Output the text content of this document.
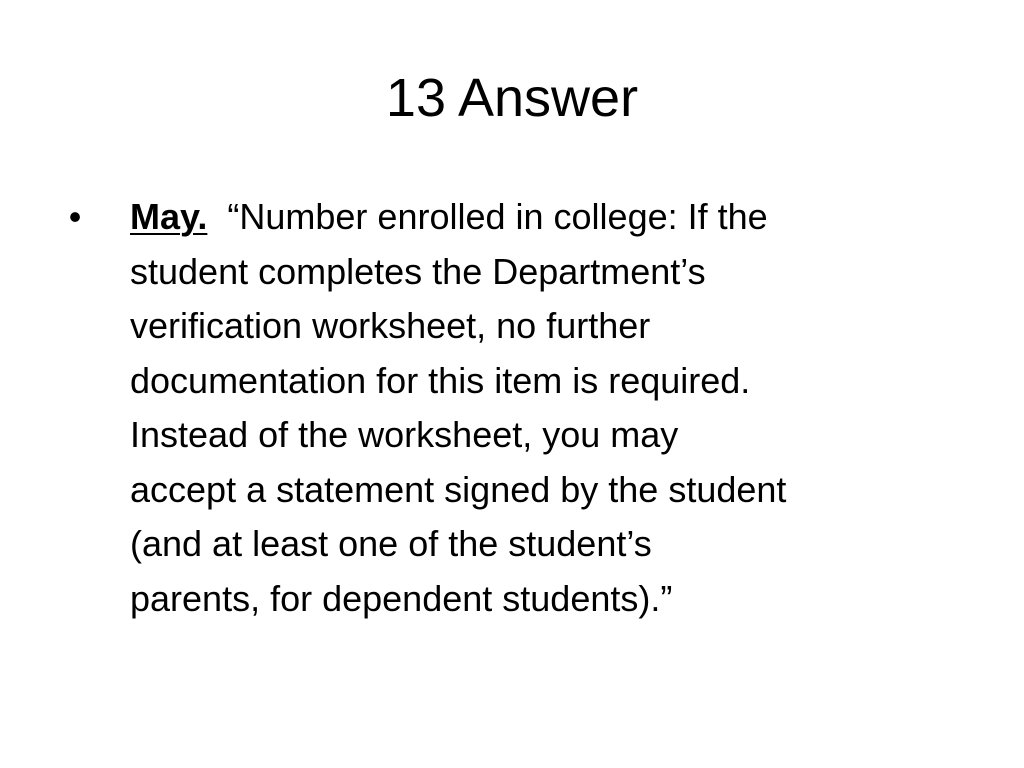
13 Answer
• May. “Number enrolled in college: If the
student completes the Department’s
verification worksheet, no further
documentation for this item is required.
Instead of the worksheet, you may
accept a statement signed by the student
(and at least one of the student’s
parents, for dependent students).”
